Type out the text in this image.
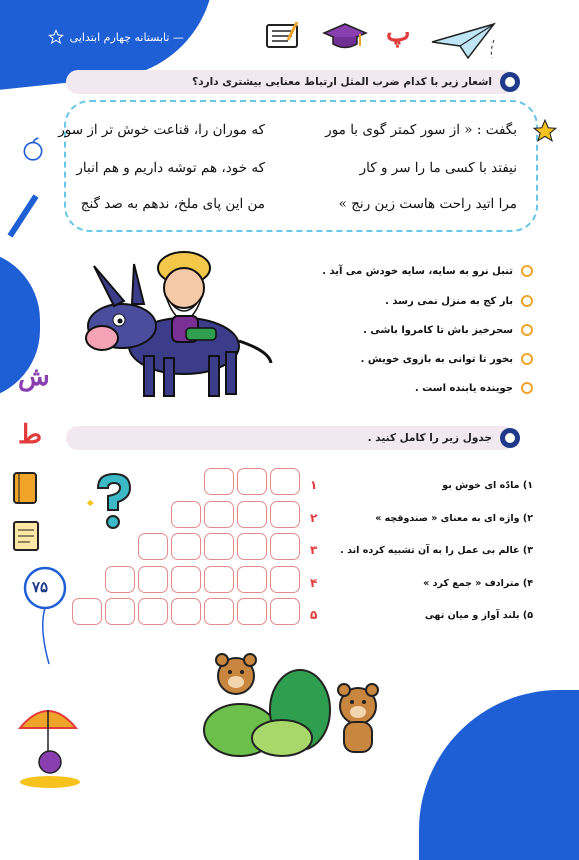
تابستانه — تابستانه چهارم ابتدایی	پ
اشعار زیر با کدام ضرب المثل ارتباط معنایی بیشتری دارد؟
بگفت : « از سور کمتر گوی با مور
نیفتد با کسی ما را سر و کار
مرا اتید راحت هاست زین رنج »
که موران را، قناعت خوش تر از سور
که خود، هم توشه داریم و هم انبار
من این پای ملخ، ندهم به صد گنج
تنبل نرو به سایه، سایه خودش می آید .
بار کج به منزل نمی رسد .
سحرخیز باش تا کامروا باشی .
بخور تا توانی به بازوی خویش .
جوینده یابنده است .
ش
ط	جدول زیر را کامل کنید .
۱
۲
۳
۴
۵
۱) مادّه ای خوش بو
۲) واژه ای به معنای « صندوقچه »
۳) عالم بی عمل را به آن تشبیه کرده اند .
۴) مترادف « جمع کرد »
۵) بلند آواز و میان تهی
۷۵
